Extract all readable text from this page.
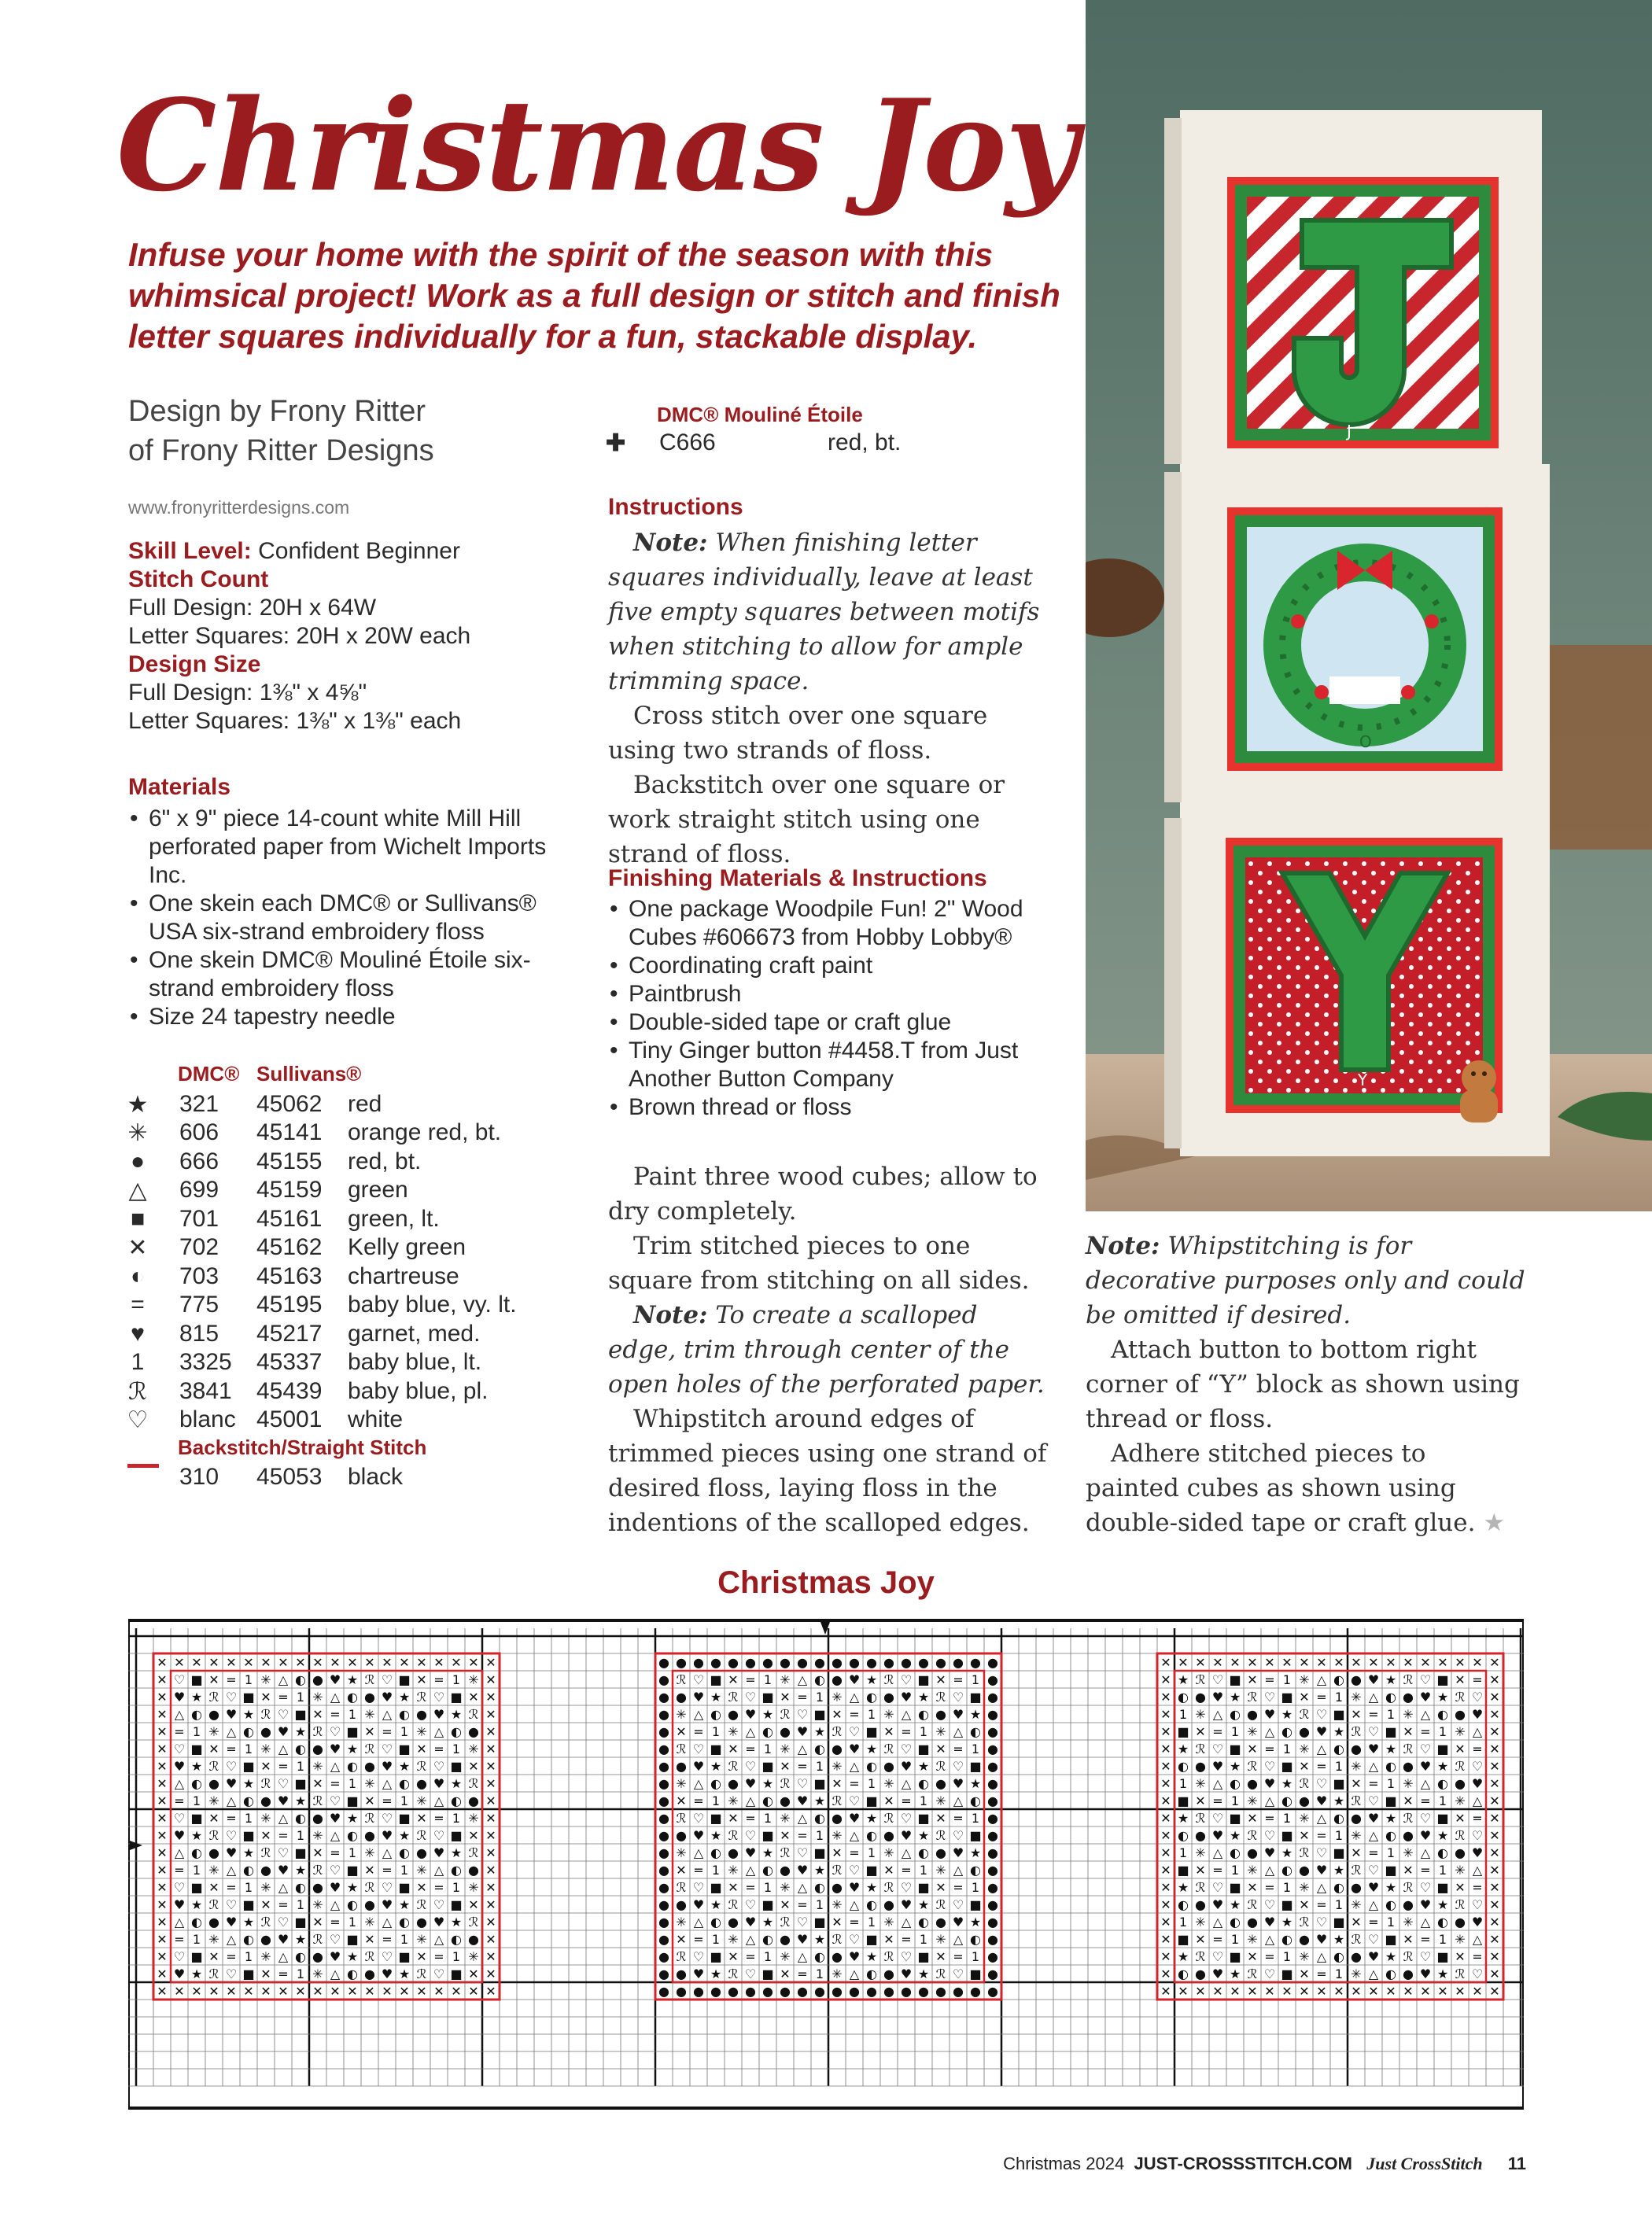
Christmas Joy
Infuse your home with the spirit of the season with this whimsical project! Work as a full design or stitch and finish letter squares individually for a fun, stackable display.
Design by Frony Ritter
of Frony Ritter Designs
www.fronyritterdesigns.com
Skill Level: Confident Beginner
Stitch Count
Full Design: 20H x 64W
Letter Squares: 20H x 20W each
Design Size
Full Design: 1⅜" x 4⅝"
Letter Squares: 1⅜" x 1⅜" each
Materials
• 6" x 9" piece 14-count white Mill Hill perforated paper from Wichelt Imports Inc.
• One skein each DMC® or Sullivans® USA six-strand embroidery floss
• One skein DMC® Mouliné Étoile six-strand embroidery floss
• Size 24 tapestry needle
DMC® Sullivans®
★ 321 45062 red
✳ 606 45141 orange red, bt.
● 666 45155 red, bt.
△ 699 45159 green
■ 701 45161 green, lt.
✕ 702 45162 Kelly green
◐ 703 45163 chartreuse
= 775 45195 baby blue, vy. lt.
♥ 815 45217 garnet, med.
1 3325 45337 baby blue, lt.
ℛ 3841 45439 baby blue, pl.
♡ blanc 45001 white
Backstitch/Straight Stitch
310 45053 black
DMC® Mouliné Étoile
✚ C666	red, bt.
Instructions

Note: When finishing letter squares individually, leave at least five empty squares between motifs when stitching to allow for ample trimming space.

Cross stitch over one square using two strands of floss.

Backstitch over one square or work straight stitch using one strand of floss.

Finishing Materials & Instructions
• One package Woodpile Fun! 2" Wood Cubes #606673 from Hobby Lobby®
• Coordinating craft paint
• Paintbrush
• Double-sided tape or craft glue
• Tiny Ginger button #4458.T from Just Another Button Company
• Brown thread or floss

Paint three wood cubes; allow to dry completely.

Trim stitched pieces to one square from stitching on all sides.

Note: To create a scalloped edge, trim through center of the open holes of the perforated paper.

Whipstitch around edges of trimmed pieces using one strand of desired floss, laying floss in the indentions of the scalloped edges.

J
O
Y

Note: Whipstitching is for decorative purposes only and could be omitted if desired.

Attach button to bottom right corner of “Y” block as shown using thread or floss.

Adhere stitched pieces to painted cubes as shown using double-sided tape or craft glue. ★

Christmas Joy
✕ ✕ ✕ ✕ ✕ ✕ ✕ ✕ ✕ ✕ ✕ ✕ ✕ ✕ ✕ ✕ ✕ ✕ ✕ ✕
✕ ♡ ■ ✕ = 1 ✳ △ ◐ ● ♥ ★ ℛ ♡ ■ ✕ = 1 ✳ ✕
✕ ♥ ★ ℛ ♡ ■ ✕ = 1 ✳ △ ◐ ● ♥ ★ ℛ ♡ ■ ✕ ✕
✕ △ ◐ ● ♥ ★ ℛ ♡ ■ ✕ = 1 ✳ △ ◐ ● ♥ ★ ℛ ✕
✕ = 1 ✳ △ ◐ ● ♥ ★ ℛ ♡ ■ ✕ = 1 ✳ △ ◐ ● ✕
✕ ♡ ■ ✕ = 1 ✳ △ ◐ ● ♥ ★ ℛ ♡ ■ ✕ = 1 ✳ ✕
✕ ♥ ★ ℛ ♡ ■ ✕ = 1 ✳ △ ◐ ● ♥ ★ ℛ ♡ ■ ✕ ✕
✕ △ ◐ ● ♥ ★ ℛ ♡ ■ ✕ = 1 ✳ △ ◐ ● ♥ ★ ℛ ✕
✕ = 1 ✳ △ ◐ ● ♥ ★ ℛ ♡ ■ ✕ = 1 ✳ △ ◐ ● ✕
✕ ♡ ■ ✕ = 1 ✳ △ ◐ ● ♥ ★ ℛ ♡ ■ ✕ = 1 ✳ ✕
✕ ♥ ★ ℛ ♡ ■ ✕ = 1 ✳ △ ◐ ● ♥ ★ ℛ ♡ ■ ✕ ✕
✕ △ ◐ ● ♥ ★ ℛ ♡ ■ ✕ = 1 ✳ △ ◐ ● ♥ ★ ℛ ✕
✕ = 1 ✳ △ ◐ ● ♥ ★ ℛ ♡ ■ ✕ = 1 ✳ △ ◐ ● ✕
✕ ♡ ■ ✕ = 1 ✳ △ ◐ ● ♥ ★ ℛ ♡ ■ ✕ = 1 ✳ ✕
✕ ♥ ★ ℛ ♡ ■ ✕ = 1 ✳ △ ◐ ● ♥ ★ ℛ ♡ ■ ✕ ✕
✕ △ ◐ ● ♥ ★ ℛ ♡ ■ ✕ = 1 ✳ △ ◐ ● ♥ ★ ℛ ✕
✕ = 1 ✳ △ ◐ ● ♥ ★ ℛ ♡ ■ ✕ = 1 ✳ △ ◐ ● ✕
✕ ♡ ■ ✕ = 1 ✳ △ ◐ ● ♥ ★ ℛ ♡ ■ ✕ = 1 ✳ ✕
✕ ♥ ★ ℛ ♡ ■ ✕ = 1 ✳ △ ◐ ● ♥ ★ ℛ ♡ ■ ✕ ✕
✕ ✕ ✕ ✕ ✕ ✕ ✕ ✕ ✕ ✕ ✕ ✕ ✕ ✕ ✕ ✕ ✕ ✕ ✕ ✕
● ● ● ● ● ● ● ● ● ● ● ● ● ● ● ● ● ● ● ●
● ℛ ♡ ■ ✕ = 1 ✳ △ ◐ ● ♥ ★ ℛ ♡ ■ ✕ = 1 ●
● ● ♥ ★ ℛ ♡ ■ ✕ = 1 ✳ △ ◐ ● ♥ ★ ℛ ♡ ■ ●
● ✳ △ ◐ ● ♥ ★ ℛ ♡ ■ ✕ = 1 ✳ △ ◐ ● ♥ ★ ●
● ✕ = 1 ✳ △ ◐ ● ♥ ★ ℛ ♡ ■ ✕ = 1 ✳ △ ◐ ●
● ℛ ♡ ■ ✕ = 1 ✳ △ ◐ ● ♥ ★ ℛ ♡ ■ ✕ = 1 ●
● ● ♥ ★ ℛ ♡ ■ ✕ = 1 ✳ △ ◐ ● ♥ ★ ℛ ♡ ■ ●
● ✳ △ ◐ ● ♥ ★ ℛ ♡ ■ ✕ = 1 ✳ △ ◐ ● ♥ ★ ●
● ✕ = 1 ✳ △ ◐ ● ♥ ★ ℛ ♡ ■ ✕ = 1 ✳ △ ◐ ●
● ℛ ♡ ■ ✕ = 1 ✳ △ ◐ ● ♥ ★ ℛ ♡ ■ ✕ = 1 ●
● ● ♥ ★ ℛ ♡ ■ ✕ = 1 ✳ △ ◐ ● ♥ ★ ℛ ♡ ■ ●
● ✳ △ ◐ ● ♥ ★ ℛ ♡ ■ ✕ = 1 ✳ △ ◐ ● ♥ ★ ●
● ✕ = 1 ✳ △ ◐ ● ♥ ★ ℛ ♡ ■ ✕ = 1 ✳ △ ◐ ●
● ℛ ♡ ■ ✕ = 1 ✳ △ ◐ ● ♥ ★ ℛ ♡ ■ ✕ = 1 ●
● ● ♥ ★ ℛ ♡ ■ ✕ = 1 ✳ △ ◐ ● ♥ ★ ℛ ♡ ■ ●
● ✳ △ ◐ ● ♥ ★ ℛ ♡ ■ ✕ = 1 ✳ △ ◐ ● ♥ ★ ●
● ✕ = 1 ✳ △ ◐ ● ♥ ★ ℛ ♡ ■ ✕ = 1 ✳ △ ◐ ●
● ℛ ♡ ■ ✕ = 1 ✳ △ ◐ ● ♥ ★ ℛ ♡ ■ ✕ = 1 ●
● ● ♥ ★ ℛ ♡ ■ ✕ = 1 ✳ △ ◐ ● ♥ ★ ℛ ♡ ■ ●
● ● ● ● ● ● ● ● ● ● ● ● ● ● ● ● ● ● ● ●
✕ ✕ ✕ ✕ ✕ ✕ ✕ ✕ ✕ ✕ ✕ ✕ ✕ ✕ ✕ ✕ ✕ ✕ ✕ ✕
✕ ★ ℛ ♡ ■ ✕ = 1 ✳ △ ◐ ● ♥ ★ ℛ ♡ ■ ✕ = ✕
✕ ◐ ● ♥ ★ ℛ ♡ ■ ✕ = 1 ✳ △ ◐ ● ♥ ★ ℛ ♡ ✕
✕ 1 ✳ △ ◐ ● ♥ ★ ℛ ♡ ■ ✕ = 1 ✳ △ ◐ ● ♥ ✕
✕ ■ ✕ = 1 ✳ △ ◐ ● ♥ ★ ℛ ♡ ■ ✕ = 1 ✳ △ ✕
✕ ★ ℛ ♡ ■ ✕ = 1 ✳ △ ◐ ● ♥ ★ ℛ ♡ ■ ✕ = ✕
✕ ◐ ● ♥ ★ ℛ ♡ ■ ✕ = 1 ✳ △ ◐ ● ♥ ★ ℛ ♡ ✕
✕ 1 ✳ △ ◐ ● ♥ ★ ℛ ♡ ■ ✕ = 1 ✳ △ ◐ ● ♥ ✕
✕ ■ ✕ = 1 ✳ △ ◐ ● ♥ ★ ℛ ♡ ■ ✕ = 1 ✳ △ ✕
✕ ★ ℛ ♡ ■ ✕ = 1 ✳ △ ◐ ● ♥ ★ ℛ ♡ ■ ✕ = ✕
✕ ◐ ● ♥ ★ ℛ ♡ ■ ✕ = 1 ✳ △ ◐ ● ♥ ★ ℛ ♡ ✕
✕ 1 ✳ △ ◐ ● ♥ ★ ℛ ♡ ■ ✕ = 1 ✳ △ ◐ ● ♥ ✕
✕ ■ ✕ = 1 ✳ △ ◐ ● ♥ ★ ℛ ♡ ■ ✕ = 1 ✳ △ ✕
✕ ★ ℛ ♡ ■ ✕ = 1 ✳ △ ◐ ● ♥ ★ ℛ ♡ ■ ✕ = ✕
✕ ◐ ● ♥ ★ ℛ ♡ ■ ✕ = 1 ✳ △ ◐ ● ♥ ★ ℛ ♡ ✕
✕ 1 ✳ △ ◐ ● ♥ ★ ℛ ♡ ■ ✕ = 1 ✳ △ ◐ ● ♥ ✕
✕ ■ ✕ = 1 ✳ △ ◐ ● ♥ ★ ℛ ♡ ■ ✕ = 1 ✳ △ ✕
✕ ★ ℛ ♡ ■ ✕ = 1 ✳ △ ◐ ● ♥ ★ ℛ ♡ ■ ✕ = ✕
✕ ◐ ● ♥ ★ ℛ ♡ ■ ✕ = 1 ✳ △ ◐ ● ♥ ★ ℛ ♡ ✕
✕ ✕ ✕ ✕ ✕ ✕ ✕ ✕ ✕ ✕ ✕ ✕ ✕ ✕ ✕ ✕ ✕ ✕ ✕ ✕
Christmas 2024 JUST-CROSSSTITCH.COM Just CrossStitch 11
